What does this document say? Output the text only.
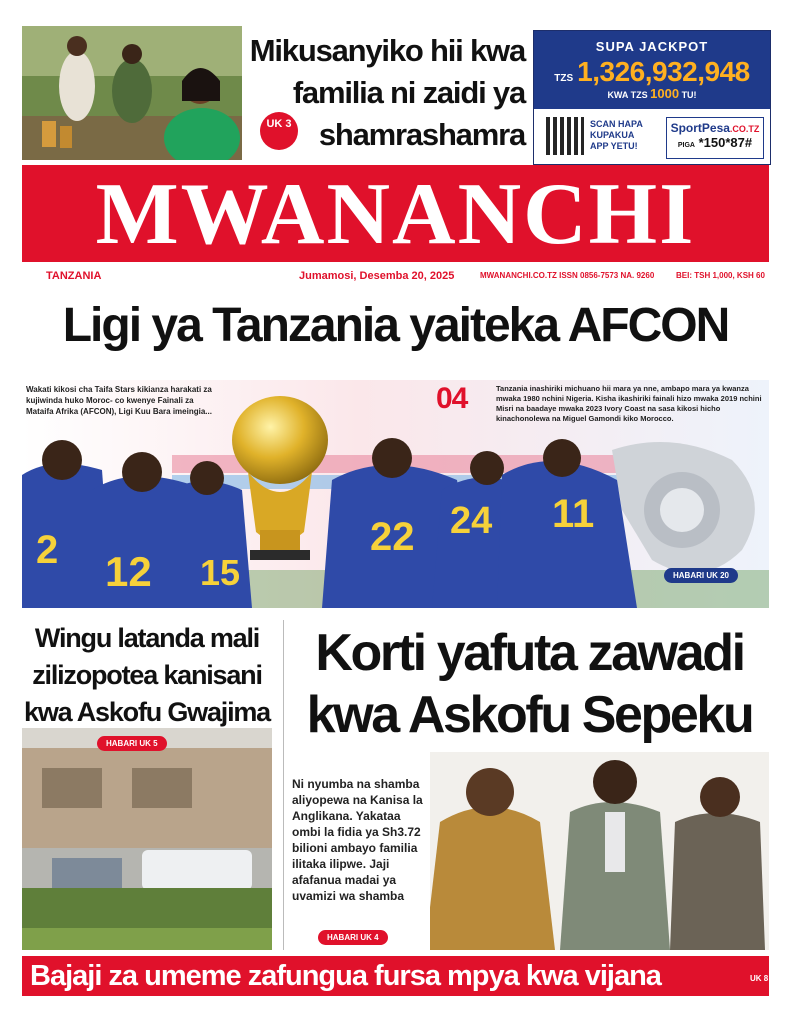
Mikusanyiko hii kwa familia ni zaidi ya shamrashamra
UK 3
SUPA JACKPOT
TZS 1,326,932,948
KWA TZS 1000 TU!
SCAN HAPA
KUPAKUA
APP YETU!
SportPesa.CO.TZ
PIGA *150*87#
MWANANCHI
TANZANIA	Jumamosi, Desemba 20, 2025	MWANANCHI.CO.TZ ISSN 0856-7573 NA. 9260	BEI: TSH 1,000, KSH 60
Ligi ya Tanzania yaiteka AFCON
2 12 15
22 24 11
Wakati kikosi cha Taifa Stars kikianza harakati za kujiwinda huko Moroc- co kwenye Fainali za Mataifa Afrika (AFCON), Ligi Kuu Bara imeingia...	04	Tanzania inashiriki michuano hii mara ya nne, ambapo mara ya kwanza mwaka 1980 nchini Nigeria. Kisha ikashiriki fainali hizo mwaka 2019 nchini Misri na baadaye mwaka 2023 Ivory Coast na sasa kikosi hicho kinachonolewa na Miguel Gamondi kiko Morocco.
HABARI UK 20
Wingu latanda mali zilizopotea kanisani kwa Askofu Gwajima
HABARI UK 5
Korti yafuta zawadi kwa Askofu Sepeku
Ni nyumba na shamba aliyopewa na Kanisa la Anglikana. Yakataa ombi la fidia ya Sh3.72 bilioni ambayo familia ilitaka ilipwe. Jaji afafanua madai ya uvamizi wa shamba
HABARI UK 4
Bajaji za umeme zafungua fursa mpya kwa vijana	UK 8
